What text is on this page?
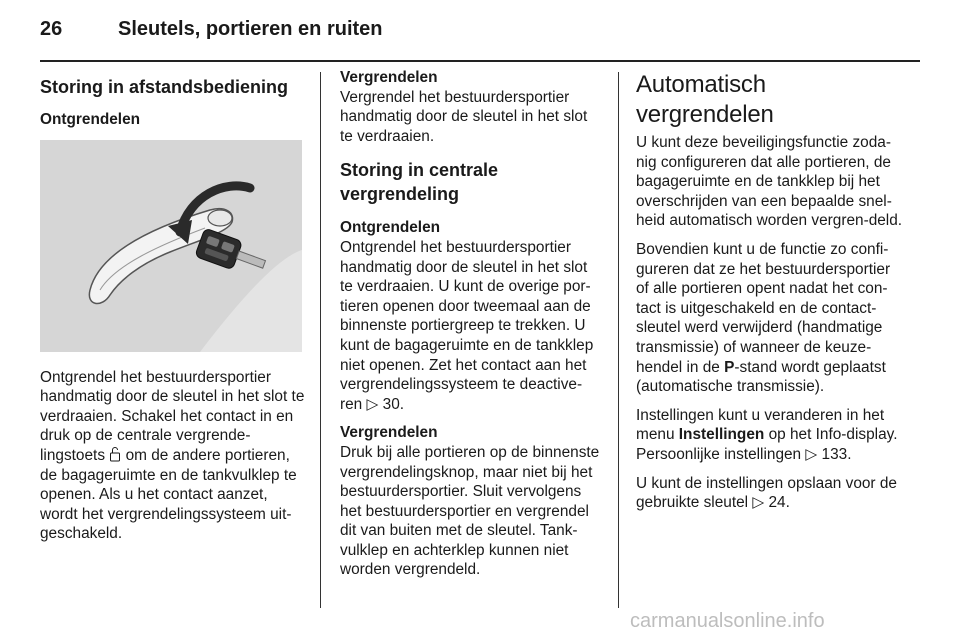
26	Sleutels, portieren en ruiten
Storing in afstandsbediening
Ontgrendelen

Ontgrendel het bestuurdersportier handmatig door de sleutel in het slot te verdraaien. Schakel het contact in en druk op de centrale vergrende-lingstoets  om de andere portieren, de bagageruimte en de tankvulklep te openen. Als u het contact aanzet, wordt het vergrendelingssysteem uit-geschakeld.

Vergrendelen

Vergrendel het bestuurdersportier handmatig door de sleutel in het slot te verdraaien.

Storing in centrale vergrendeling
Ontgrendelen

Ontgrendel het bestuurdersportier handmatig door de sleutel in het slot te verdraaien. U kunt de overige por-tieren openen door tweemaal aan de binnenste portiergreep te trekken. U kunt de bagageruimte en de tankklep niet openen. Zet het contact aan het vergrendelingssysteem te deactive-ren ▷ 30.

Vergrendelen

Druk bij alle portieren op de binnenste vergrendelingsknop, maar niet bij het bestuurdersportier. Sluit vervolgens het bestuurdersportier en vergrendel dit van buiten met de sleutel. Tank-vulklep en achterklep kunnen niet worden vergrendeld.

Automatisch vergrendelen

U kunt deze beveiligingsfunctie zoda-nig configureren dat alle portieren, de bagageruimte en de tankklep bij het overschrijden van een bepaalde snel-heid automatisch worden vergren-deld.

Bovendien kunt u de functie zo confi-gureren dat ze het bestuurdersportier of alle portieren opent nadat het con-tact is uitgeschakeld en de contact-sleutel werd verwijderd (handmatige transmissie) of wanneer de keuze-hendel in de P-stand wordt geplaatst (automatische transmissie).

Instellingen kunt u veranderen in het menu Instellingen op het Info-display. Persoonlijke instellingen ▷ 133.

U kunt de instellingen opslaan voor de gebruikte sleutel ▷ 24.

carmanualsonline.info
